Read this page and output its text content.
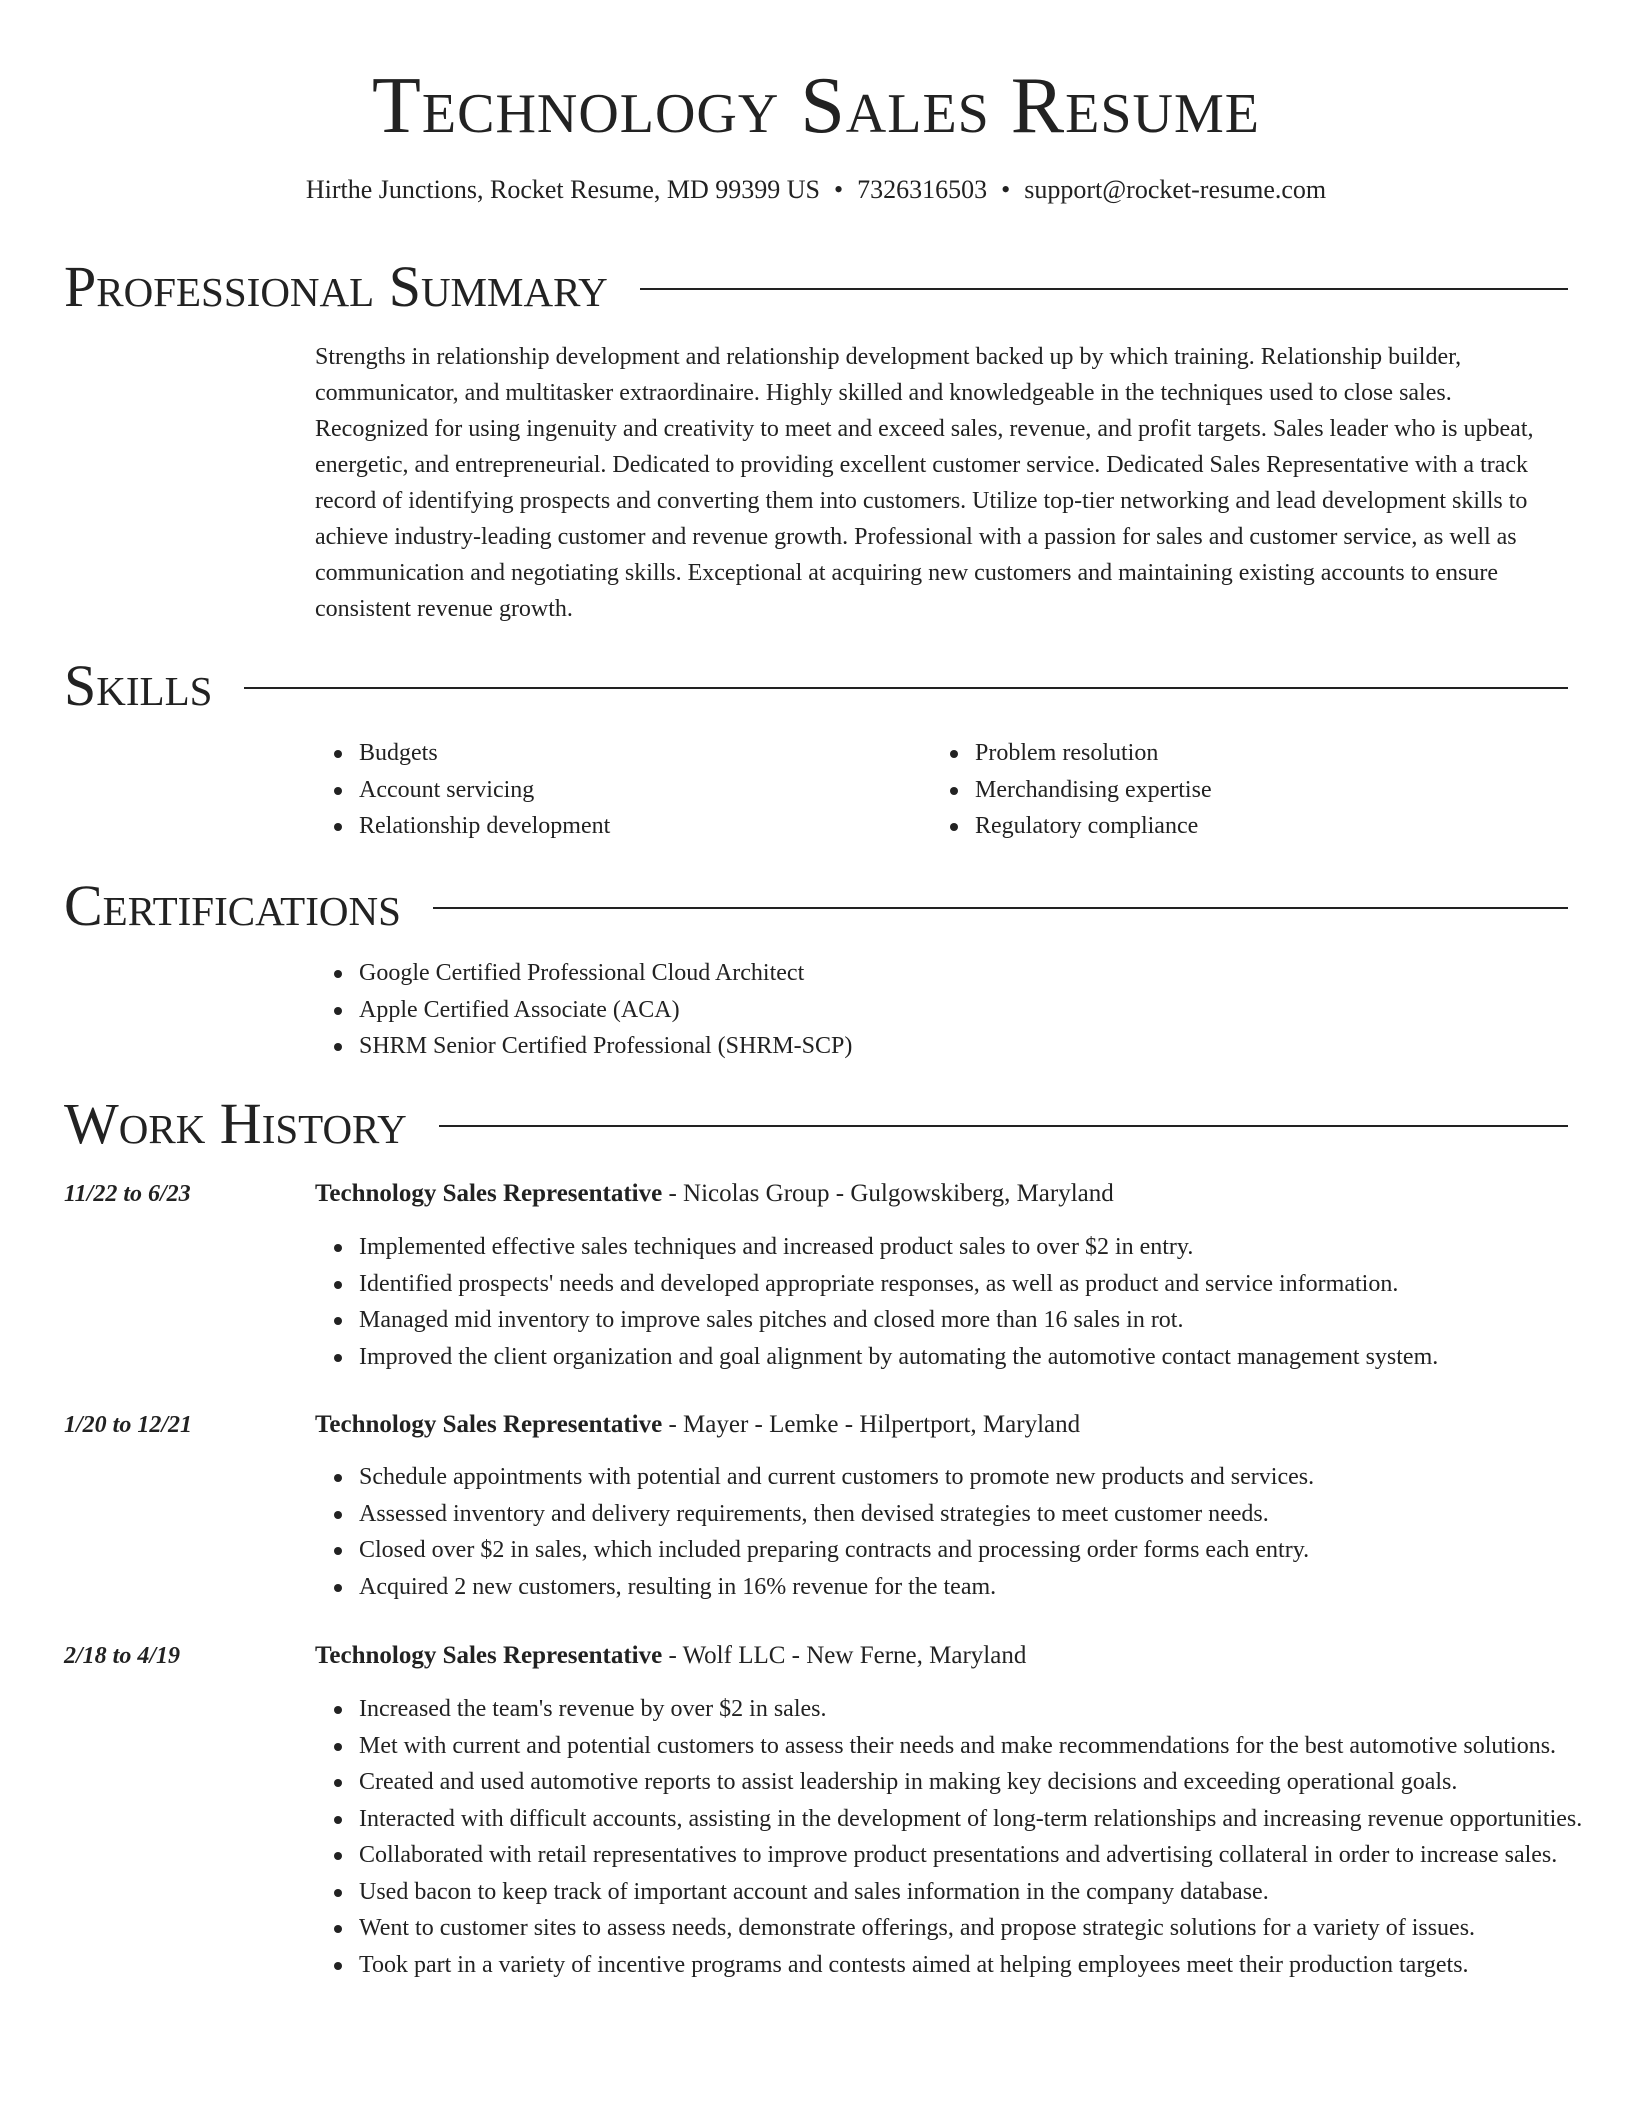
Technology Sales Resume
Hirthe Junctions, Rocket Resume, MD 99399 US • 7326316503 • support@rocket-resume.com
Professional Summary

Strengths in relationship development and relationship development backed up by which training. Relationship builder, communicator, and multitasker extraordinaire. Highly skilled and knowledgeable in the techniques used to close sales. Recognized for using ingenuity and creativity to meet and exceed sales, revenue, and profit targets. Sales leader who is upbeat, energetic, and entrepreneurial. Dedicated to providing excellent customer service. Dedicated Sales Representative with a track record of identifying prospects and converting them into customers. Utilize top-tier networking and lead development skills to achieve industry-leading customer and revenue growth. Professional with a passion for sales and customer service, as well as communication and negotiating skills. Exceptional at acquiring new customers and maintaining existing accounts to ensure consistent revenue growth.

Skills
Budgets
Account servicing
Relationship development
Problem resolution
Merchandising expertise
Regulatory compliance
Certifications
Google Certified Professional Cloud Architect
Apple Certified Associate (ACA)
SHRM Senior Certified Professional (SHRM-SCP)
Work History
11/22 to 6/23	Technology Sales Representative - Nicolas Group - Gulgowskiberg, Maryland
Implemented effective sales techniques and increased product sales to over $2 in entry.
Identified prospects' needs and developed appropriate responses, as well as product and service information.
Managed mid inventory to improve sales pitches and closed more than 16 sales in rot.
Improved the client organization and goal alignment by automating the automotive contact management system.
1/20 to 12/21	Technology Sales Representative - Mayer - Lemke - Hilpertport, Maryland
Schedule appointments with potential and current customers to promote new products and services.
Assessed inventory and delivery requirements, then devised strategies to meet customer needs.
Closed over $2 in sales, which included preparing contracts and processing order forms each entry.
Acquired 2 new customers, resulting in 16% revenue for the team.
2/18 to 4/19	Technology Sales Representative - Wolf LLC - New Ferne, Maryland
Increased the team's revenue by over $2 in sales.
Met with current and potential customers to assess their needs and make recommendations for the best automotive solutions.
Created and used automotive reports to assist leadership in making key decisions and exceeding operational goals.
Interacted with difficult accounts, assisting in the development of long-term relationships and increasing revenue opportunities.
Collaborated with retail representatives to improve product presentations and advertising collateral in order to increase sales.
Used bacon to keep track of important account and sales information in the company database.
Went to customer sites to assess needs, demonstrate offerings, and propose strategic solutions for a variety of issues.
Took part in a variety of incentive programs and contests aimed at helping employees meet their production targets.
